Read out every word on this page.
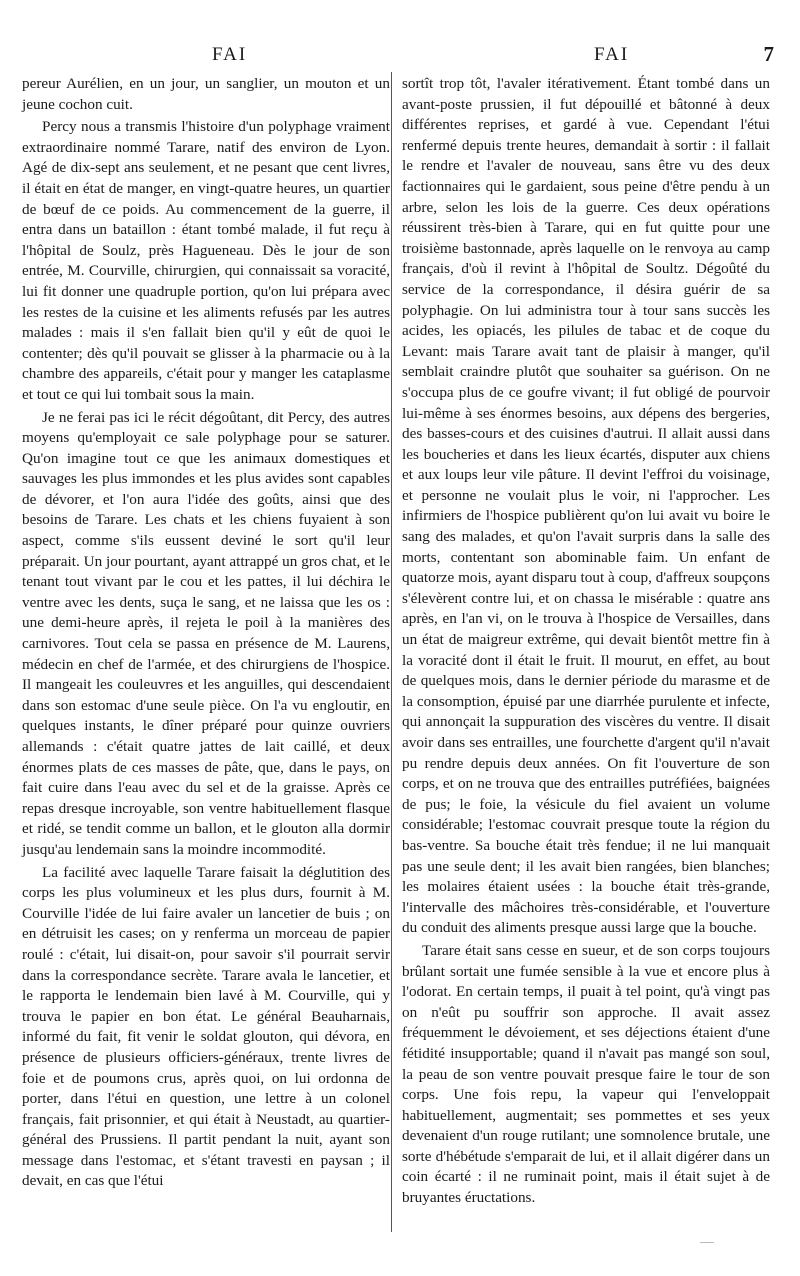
FAI	FAI	7

pereur Aurélien, en un jour, un sanglier, un mouton et un jeune cochon cuit.

Percy nous a transmis l'histoire d'un polyphage vraiment extraordinaire nommé Tarare, natif des environ de Lyon. Agé de dix-sept ans seulement, et ne pesant que cent livres, il était en état de manger, en vingt-quatre heures, un quartier de bœuf de ce poids. Au commencement de la guerre, il entra dans un bataillon : étant tombé malade, il fut reçu à l'hôpital de Soulz, près Hagueneau. Dès le jour de son entrée, M. Courville, chirurgien, qui connaissait sa voracité, lui fit donner une quadruple portion, qu'on lui prépara avec les restes de la cuisine et les aliments refusés par les autres malades : mais il s'en fallait bien qu'il y eût de quoi le contenter; dès qu'il pouvait se glisser à la pharmacie ou à la chambre des appareils, c'était pour y manger les cataplasme et tout ce qui lui tombait sous la main.

Je ne ferai pas ici le récit dégoûtant, dit Percy, des autres moyens qu'employait ce sale polyphage pour se saturer. Qu'on imagine tout ce que les animaux domestiques et sauvages les plus immondes et les plus avides sont capables de dévorer, et l'on aura l'idée des goûts, ainsi que des besoins de Tarare. Les chats et les chiens fuyaient à son aspect, comme s'ils eussent deviné le sort qu'il leur préparait. Un jour pourtant, ayant attrappé un gros chat, et le tenant tout vivant par le cou et les pattes, il lui déchira le ventre avec les dents, suça le sang, et ne laissa que les os : une demi-heure après, il rejeta le poil à la manières des carnivores. Tout cela se passa en présence de M. Laurens, médecin en chef de l'armée, et des chirurgiens de l'hospice. Il mangeait les couleuvres et les anguilles, qui descendaient dans son estomac d'une seule pièce. On l'a vu engloutir, en quelques instants, le dîner préparé pour quinze ouvriers allemands : c'était quatre jattes de lait caillé, et deux énormes plats de ces masses de pâte, que, dans le pays, on fait cuire dans l'eau avec du sel et de la graisse. Après ce repas dresque incroyable, son ventre habituellement flasque et ridé, se tendit comme un ballon, et le glouton alla dormir jusqu'au lendemain sans la moindre incommodité.

La facilité avec laquelle Tarare faisait la déglutition des corps les plus volumineux et les plus durs, fournit à M. Courville l'idée de lui faire avaler un lancetier de buis ; on en détruisit les cases; on y renferma un morceau de papier roulé : c'était, lui disait-on, pour savoir s'il pourrait servir dans la correspondance secrète. Tarare avala le lancetier, et le rapporta le lendemain bien lavé à M. Courville, qui y trouva le papier en bon état. Le général Beauharnais, informé du fait, fit venir le soldat glouton, qui dévora, en présence de plusieurs officiers-généraux, trente livres de foie et de poumons crus, après quoi, on lui ordonna de porter, dans l'étui en question, une lettre à un colonel français, fait prisonnier, et qui était à Neustadt, au quartier-général des Prussiens. Il partit pendant la nuit, ayant son message dans l'estomac, et s'étant travesti en paysan ; il devait, en cas que l'étui

sortît trop tôt, l'avaler itérativement. Étant tombé dans un avant-poste prussien, il fut dépouillé et bâtonné à deux différentes reprises, et gardé à vue. Cependant l'étui renfermé depuis trente heures, demandait à sortir : il fallait le rendre et l'avaler de nouveau, sans être vu des deux factionnaires qui le gardaient, sous peine d'être pendu à un arbre, selon les lois de la guerre. Ces deux opérations réussirent très-bien à Tarare, qui en fut quitte pour une troisième bastonnade, après laquelle on le renvoya au camp français, d'où il revint à l'hôpital de Soultz. Dégoûté du service de la correspondance, il désira guérir de sa polyphagie. On lui administra tour à tour sans succès les acides, les opiacés, les pilules de tabac et de coque du Levant: mais Tarare avait tant de plaisir à manger, qu'il semblait craindre plutôt que souhaiter sa guérison. On ne s'occupa plus de ce goufre vivant; il fut obligé de pourvoir lui-même à ses énormes besoins, aux dépens des bergeries, des basses-cours et des cuisines d'autrui. Il allait aussi dans les boucheries et dans les lieux écartés, disputer aux chiens et aux loups leur vile pâture. Il devint l'effroi du voisinage, et personne ne voulait plus le voir, ni l'approcher. Les infirmiers de l'hospice publièrent qu'on lui avait vu boire le sang des malades, et qu'on l'avait surpris dans la salle des morts, contentant son abominable faim. Un enfant de quatorze mois, ayant disparu tout à coup, d'affreux soupçons s'élevèrent contre lui, et on chassa le misérable : quatre ans après, en l'an vi, on le trouva à l'hospice de Versailles, dans un état de maigreur extrême, qui devait bientôt mettre fin à la voracité dont il était le fruit. Il mourut, en effet, au bout de quelques mois, dans le dernier période du marasme et de la consomption, épuisé par une diarrhée purulente et infecte, qui annonçait la suppuration des viscères du ventre. Il disait avoir dans ses entrailles, une fourchette d'argent qu'il n'avait pu rendre depuis deux années. On fit l'ouverture de son corps, et on ne trouva que des entrailles putréfiées, baignées de pus; le foie, la vésicule du fiel avaient un volume considérable; l'estomac couvrait presque toute la région du bas-ventre. Sa bouche était très fendue; il ne lui manquait pas une seule dent; il les avait bien rangées, bien blanches; les molaires étaient usées : la bouche était très-grande, l'intervalle des mâchoires très-considérable, et l'ouverture du conduit des aliments presque aussi large que la bouche.

Tarare était sans cesse en sueur, et de son corps toujours brûlant sortait une fumée sensible à la vue et encore plus à l'odorat. En certain temps, il puait à tel point, qu'à vingt pas on n'eût pu souffrir son approche. Il avait assez fréquemment le dévoiement, et ses déjections étaient d'une fétidité insupportable; quand il n'avait pas mangé son soul, la peau de son ventre pouvait presque faire le tour de son corps. Une fois repu, la vapeur qui l'enveloppait habituellement, augmentait; ses pommettes et ses yeux devenaient d'un rouge rutilant; une somnolence brutale, une sorte d'hébétude s'emparait de lui, et il allait digérer dans un coin écarté : il ne ruminait point, mais il était sujet à de bruyantes éructations.
